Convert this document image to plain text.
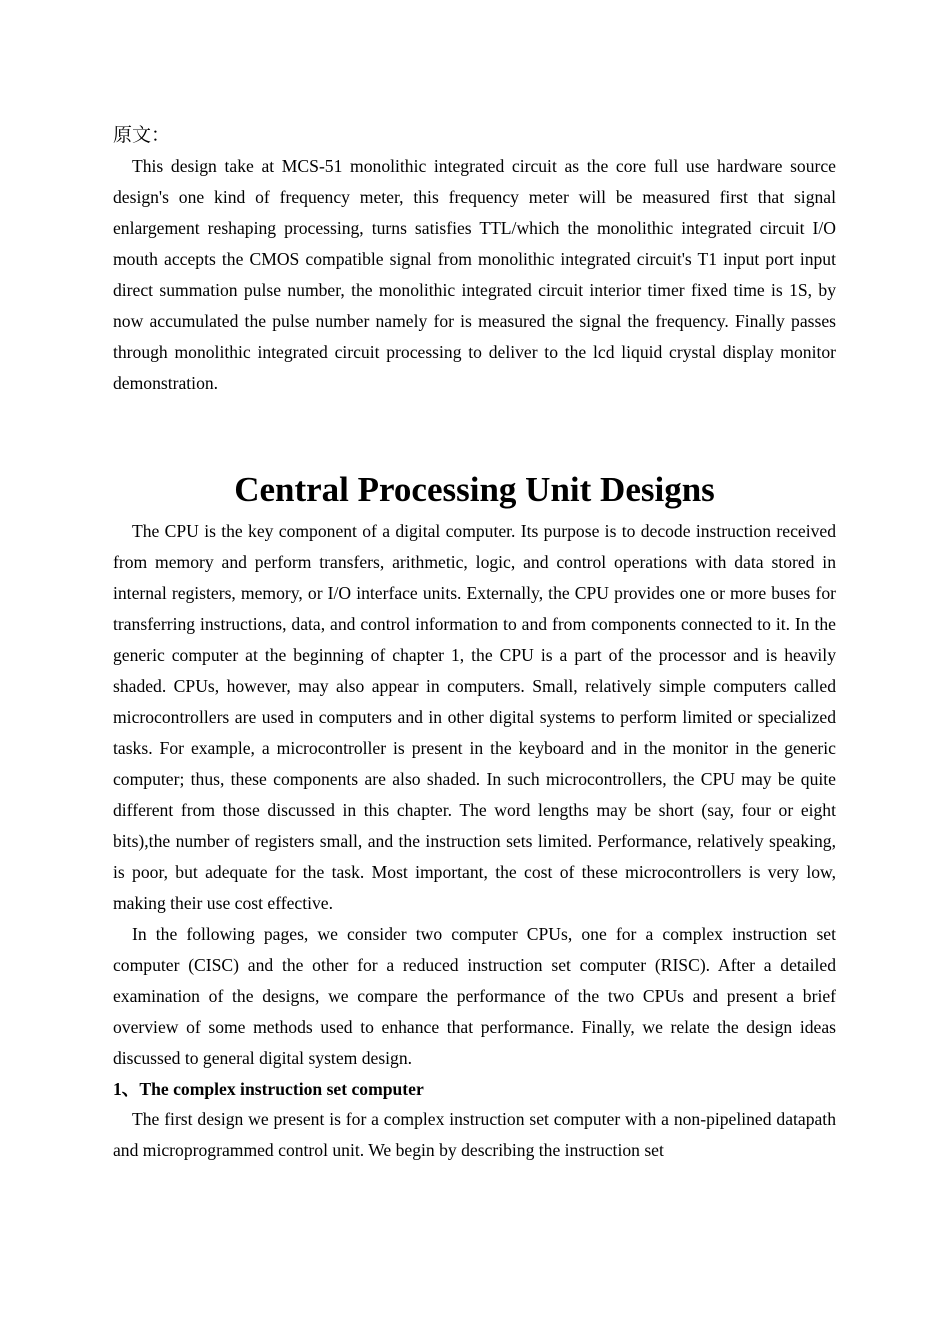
原文：

This design take at MCS-51 monolithic integrated circuit as the core full use hardware source design's one kind of frequency meter, this frequency meter will be measured first that signal enlargement reshaping processing, turns satisfies TTL/which the monolithic integrated circuit I/O mouth accepts the CMOS compatible signal from monolithic integrated circuit's T1 input port input direct summation pulse number, the monolithic integrated circuit interior timer fixed time is 1S, by now accumulated the pulse number namely for is measured the signal the frequency. Finally passes through monolithic integrated circuit processing to deliver to the lcd liquid crystal display monitor demonstration.

Central Processing Unit Designs

The CPU is the key component of a digital computer. Its purpose is to decode instruction received from memory and perform transfers, arithmetic, logic, and control operations with data stored in internal registers, memory, or I/O interface units. Externally, the CPU provides one or more buses for transferring instructions, data, and control information to and from components connected to it. In the generic computer at the beginning of chapter 1, the CPU is a part of the processor and is heavily shaded. CPUs, however, may also appear in computers. Small, relatively simple computers called microcontrollers are used in computers and in other digital systems to perform limited or specialized tasks. For example, a microcontroller is present in the keyboard and in the monitor in the generic computer; thus, these components are also shaded. In such microcontrollers, the CPU may be quite different from those discussed in this chapter. The word lengths may be short (say, four or eight bits),the number of registers small, and the instruction sets limited. Performance, relatively speaking, is poor, but adequate for the task. Most important, the cost of these microcontrollers is very low, making their use cost effective.

In the following pages, we consider two computer CPUs, one for a complex instruction set computer (CISC) and the other for a reduced instruction set computer (RISC). After a detailed examination of the designs, we compare the performance of the two CPUs and present a brief overview of some methods used to enhance that performance. Finally, we relate the design ideas discussed to general digital system design.

1、The complex instruction set computer

The first design we present is for a complex instruction set computer with a non-pipelined datapath and microprogrammed control unit. We begin by describing the instruction set
